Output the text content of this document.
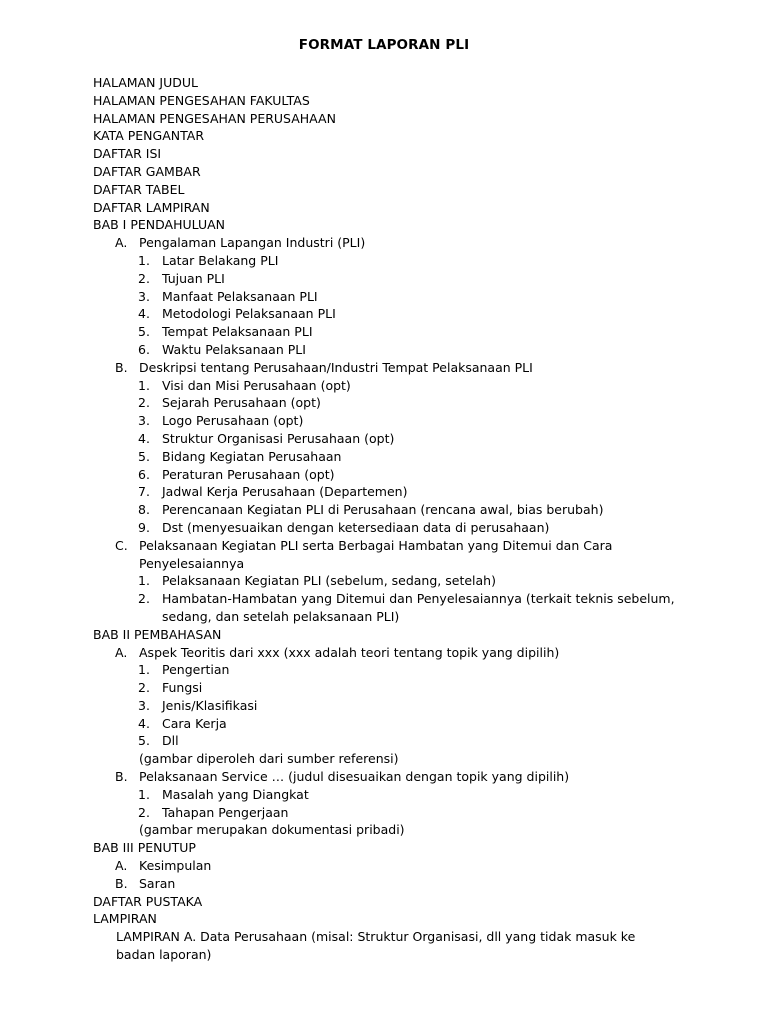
FORMAT LAPORAN PLI
HALAMAN JUDUL
HALAMAN PENGESAHAN FAKULTAS
HALAMAN PENGESAHAN PERUSAHAAN
KATA PENGANTAR
DAFTAR ISI
DAFTAR GAMBAR
DAFTAR TABEL
DAFTAR LAMPIRAN
BAB I PENDAHULUAN
A. Pengalaman Lapangan Industri (PLI)
1. Latar Belakang PLI
2. Tujuan PLI
3. Manfaat Pelaksanaan PLI
4. Metodologi Pelaksanaan PLI
5. Tempat Pelaksanaan PLI
6. Waktu Pelaksanaan PLI
B. Deskripsi tentang Perusahaan/Industri Tempat Pelaksanaan PLI
1. Visi dan Misi Perusahaan (opt)
2. Sejarah Perusahaan (opt)
3. Logo Perusahaan (opt)
4. Struktur Organisasi Perusahaan (opt)
5. Bidang Kegiatan Perusahaan
6. Peraturan Perusahaan (opt)
7. Jadwal Kerja Perusahaan (Departemen)
8. Perencanaan Kegiatan PLI di Perusahaan (rencana awal, bias berubah)
9. Dst (menyesuaikan dengan ketersediaan data di perusahaan)
C. Pelaksanaan Kegiatan PLI serta Berbagai Hambatan yang Ditemui dan Cara
Penyelesaiannya
1. Pelaksanaan Kegiatan PLI (sebelum, sedang, setelah)
2. Hambatan-Hambatan yang Ditemui dan Penyelesaiannya (terkait teknis sebelum,
sedang, dan setelah pelaksanaan PLI)
BAB II PEMBAHASAN
A. Aspek Teoritis dari xxx (xxx adalah teori tentang topik yang dipilih)
1. Pengertian
2. Fungsi
3. Jenis/Klasifikasi
4. Cara Kerja
5. Dll
(gambar diperoleh dari sumber referensi)
B. Pelaksanaan Service … (judul disesuaikan dengan topik yang dipilih)
1. Masalah yang Diangkat
2. Tahapan Pengerjaan
(gambar merupakan dokumentasi pribadi)
BAB III PENUTUP
A. Kesimpulan
B. Saran
DAFTAR PUSTAKA
LAMPIRAN
LAMPIRAN A. Data Perusahaan (misal: Struktur Organisasi, dll yang tidak masuk ke
badan laporan)
